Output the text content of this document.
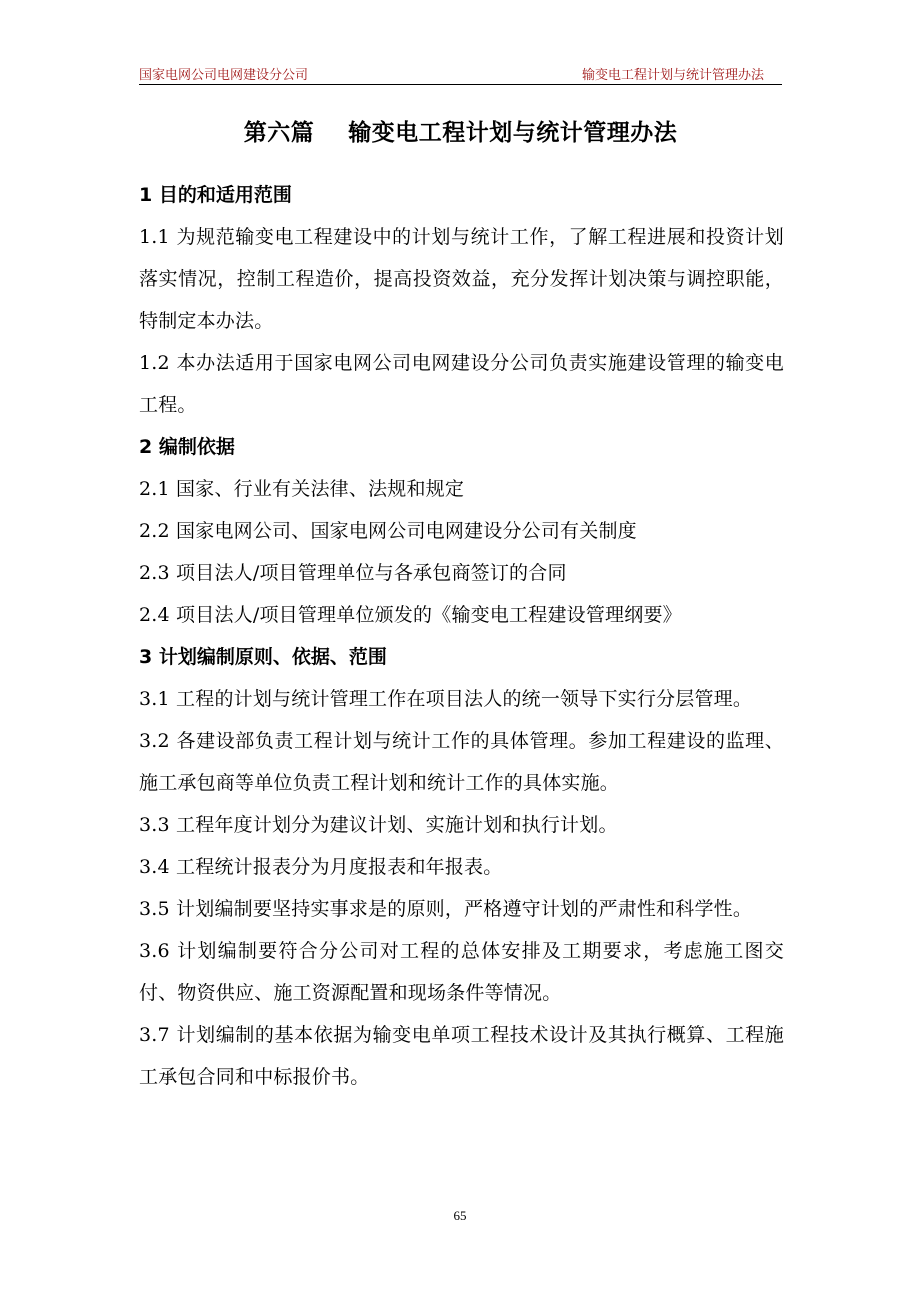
国家电网公司电网建设分公司	输变电工程计划与统计管理办法
第六篇    输变电工程计划与统计管理办法
1 目的和适用范围
1.1 为规范输变电工程建设中的计划与统计工作，了解工程进展和投资计划落实情况，控制工程造价，提高投资效益，充分发挥计划决策与调控职能，特制定本办法。
1.2 本办法适用于国家电网公司电网建设分公司负责实施建设管理的输变电工程。
2 编制依据
2.1 国家、行业有关法律、法规和规定
2.2 国家电网公司、国家电网公司电网建设分公司有关制度
2.3 项目法人/项目管理单位与各承包商签订的合同
2.4 项目法人/项目管理单位颁发的《输变电工程建设管理纲要》
3 计划编制原则、依据、范围
3.1 工程的计划与统计管理工作在项目法人的统一领导下实行分层管理。
3.2 各建设部负责工程计划与统计工作的具体管理。参加工程建设的监理、施工承包商等单位负责工程计划和统计工作的具体实施。
3.3 工程年度计划分为建议计划、实施计划和执行计划。
3.4 工程统计报表分为月度报表和年报表。
3.5 计划编制要坚持实事求是的原则，严格遵守计划的严肃性和科学性。
3.6 计划编制要符合分公司对工程的总体安排及工期要求，考虑施工图交付、物资供应、施工资源配置和现场条件等情况。
3.7 计划编制的基本依据为输变电单项工程技术设计及其执行概算、工程施工承包合同和中标报价书。
65
